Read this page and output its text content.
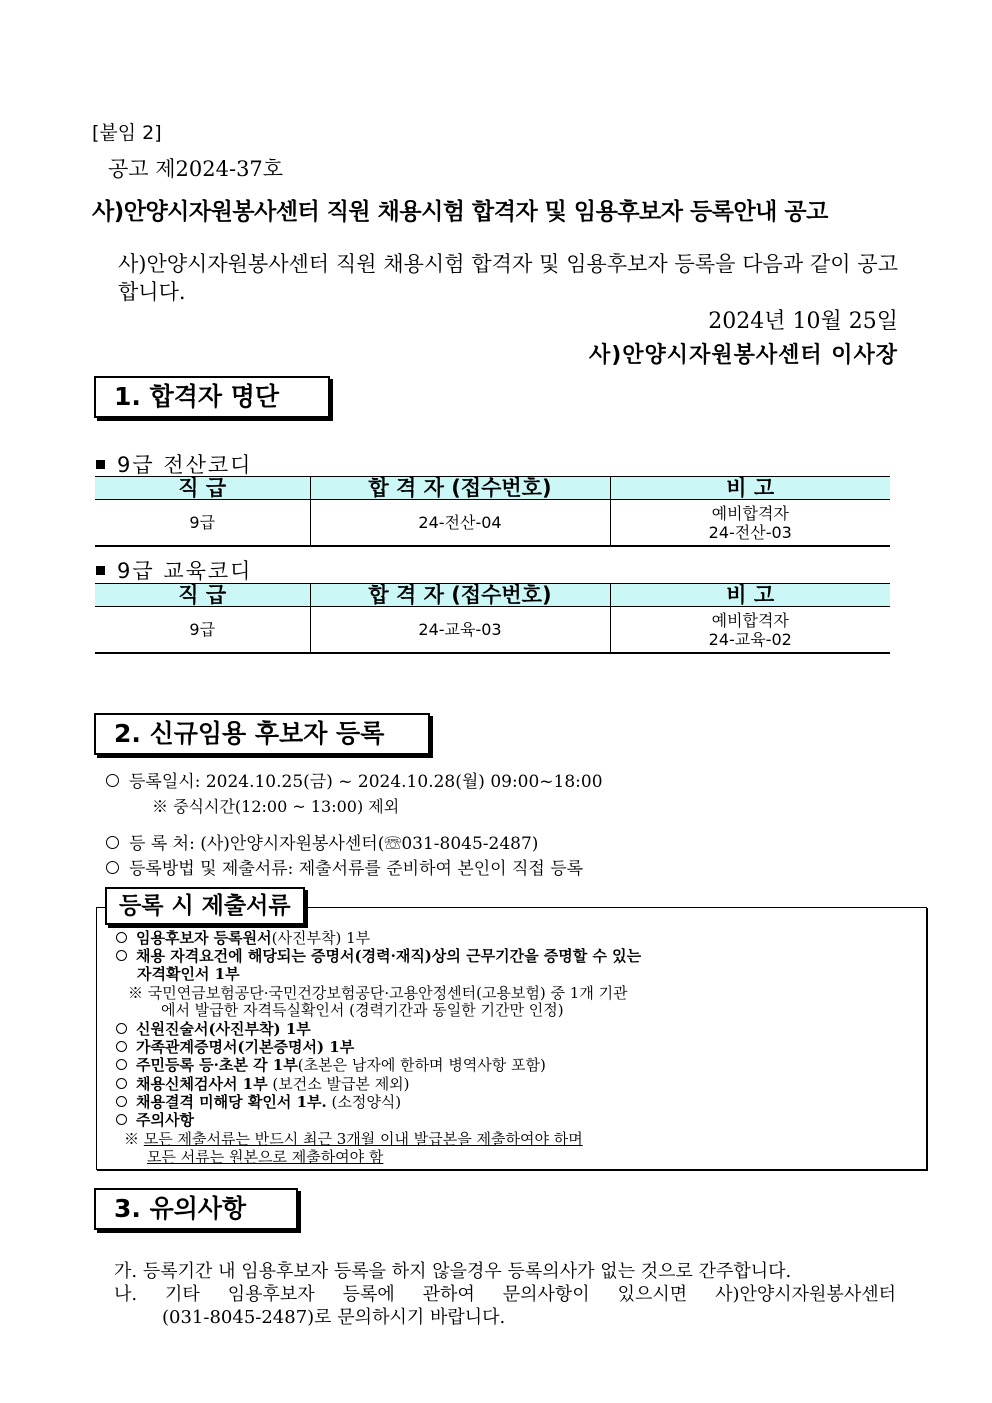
[붙임 2]
공고 제2024-37호
사)안양시자원봉사센터 직원 채용시험 합격자 및 임용후보자 등록안내 공고
사)안양시자원봉사센터 직원 채용시험 합격자 및 임용후보자 등록을 다음과 같이 공고합니다.
2024년 10월 25일
사)안양시자원봉사센터 이사장
1. 합격자 명단
9급 전산코디
직 급	합 격 자 (접수번호)	비 고
9급	24-전산-04	예비합격자
24-전산-03
9급 교육코디
직 급	합 격 자 (접수번호)	비 고
9급	24-교육-03	예비합격자
24-교육-02
2. 신규임용 후보자 등록
등록일시: 2024.10.25(금) ~ 2024.10.28(월) 09:00~18:00
※ 중식시간(12:00 ~ 13:00) 제외
등 록 처: (사)안양시자원봉사센터(☏031-8045-2487)
등록방법 및 제출서류: 제출서류를 준비하여 본인이 직접 등록
등록 시 제출서류
임용후보자 등록원서(사진부착) 1부
채용 자격요건에 해당되는 증명서(경력·재직)상의 근무기간을 증명할 수 있는
자격확인서 1부
※ 국민연금보험공단·국민건강보험공단·고용안정센터(고용보험) 중 1개 기관
에서 발급한 자격득실확인서 (경력기간과 동일한 기간만 인정)
신원진술서(사진부착) 1부
가족관계증명서(기본증명서) 1부
주민등록 등·초본 각 1부(초본은 남자에 한하며 병역사항 포함)
채용신체검사서 1부 (보건소 발급본 제외)
채용결격 미해당 확인서 1부. (소정양식)
주의사항
※ 모든 제출서류는 반드시 최근 3개월 이내 발급본을 제출하여야 하며
모든 서류는 원본으로 제출하여야 함
3. 유의사항
가. 등록기간 내 임용후보자 등록을 하지 않을경우 등록의사가 없는 것으로 간주합니다.
나. 기타 임용후보자 등록에 관하여 문의사항이 있으시면 사)안양시자원봉사센터
(031-8045-2487)로 문의하시기 바랍니다.
